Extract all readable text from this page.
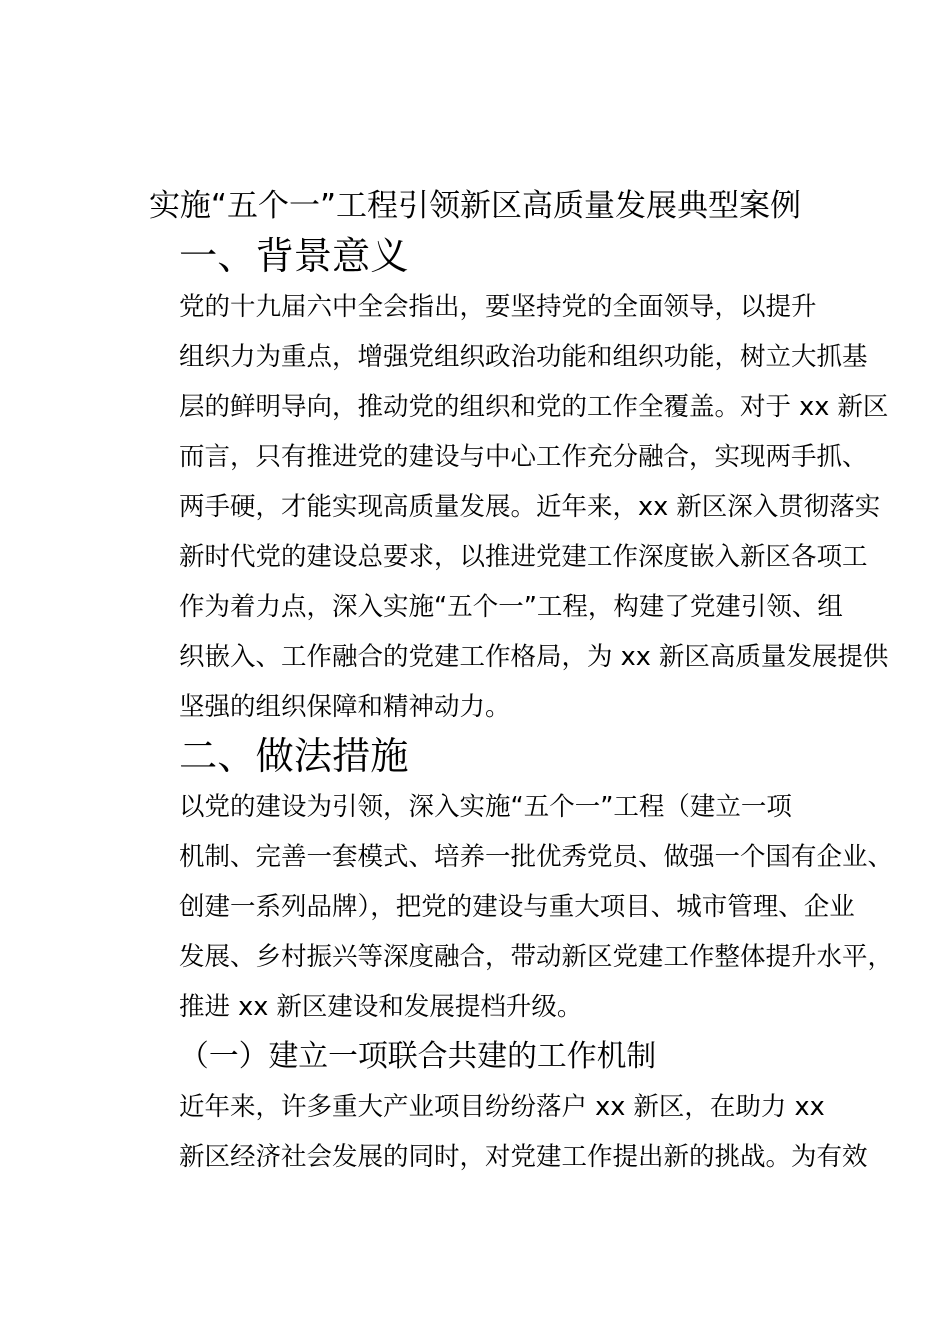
实施“五个一”工程引领新区高质量发展典型案例
一、背景意义

党的十九届六中全会指出，要坚持党的全面领导，以提升
组织力为重点，增强党组织政治功能和组织功能，树立大抓基
层的鲜明导向，推动党的组织和党的工作全覆盖。对于 xx 新区
而言，只有推进党的建设与中心工作充分融合，实现两手抓、
两手硬，才能实现高质量发展。近年来，xx 新区深入贯彻落实
新时代党的建设总要求，以推进党建工作深度嵌入新区各项工
作为着力点，深入实施“五个一”工程，构建了党建引领、组
织嵌入、工作融合的党建工作格局，为 xx 新区高质量发展提供
坚强的组织保障和精神动力。

二、做法措施

以党的建设为引领，深入实施“五个一”工程（建立一项
机制、完善一套模式、培养一批优秀党员、做强一个国有企业、
创建一系列品牌），把党的建设与重大项目、城市管理、企业
发展、乡村振兴等深度融合，带动新区党建工作整体提升水平，
推进 xx 新区建设和发展提档升级。

（一）建立一项联合共建的工作机制

近年来，许多重大产业项目纷纷落户 xx 新区，在助力 xx
新区经济社会发展的同时，对党建工作提出新的挑战。为有效
